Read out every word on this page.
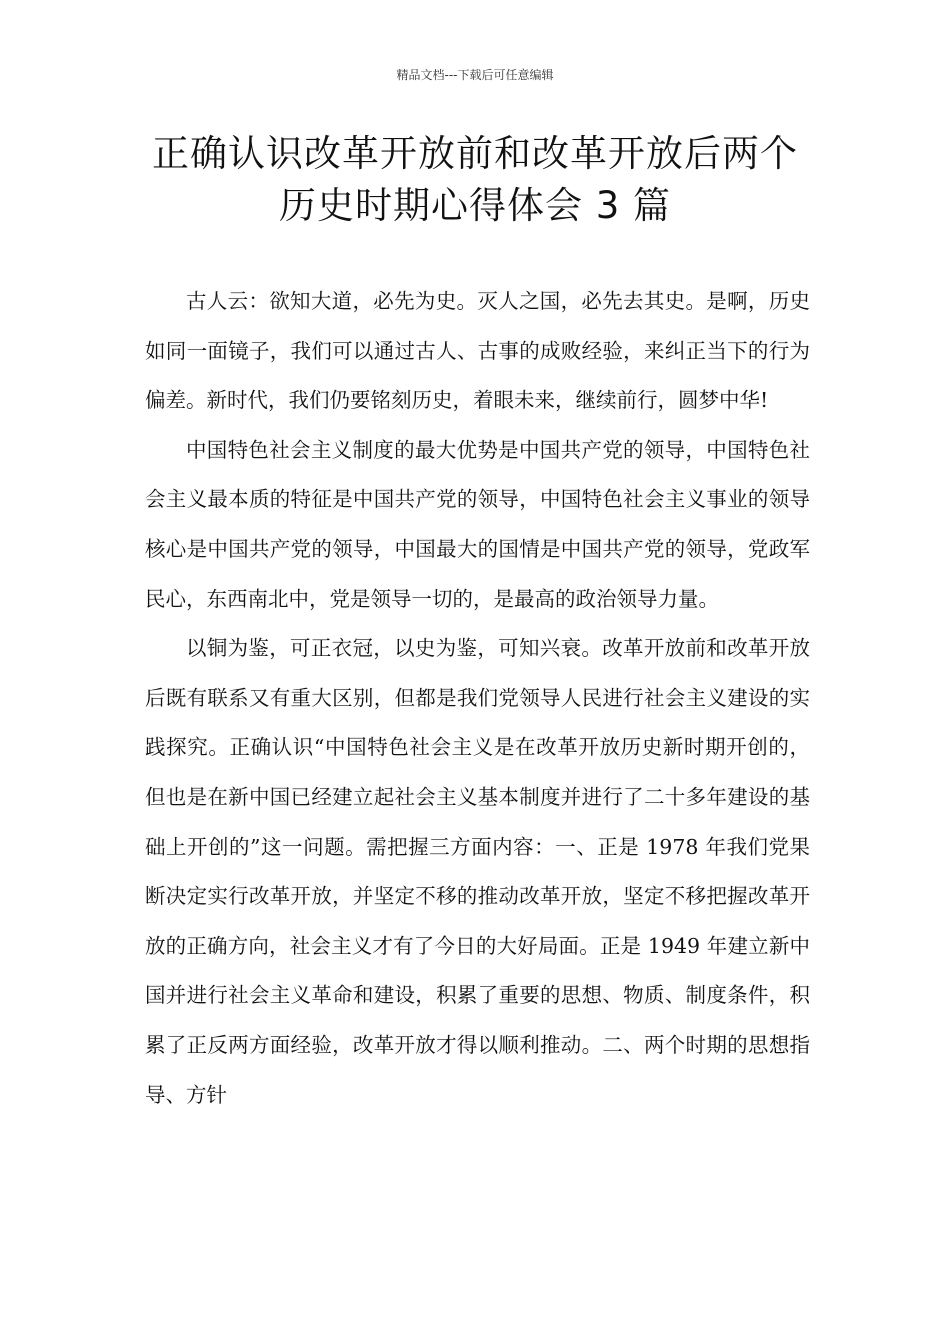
精品文档---下载后可任意编辑
正确认识改革开放前和改革开放后两个
历史时期心得体会 3 篇

古人云：欲知大道，必先为史。灭人之国，必先去其史。是啊，历史如同一面镜子，我们可以通过古人、古事的成败经验，来纠正当下的行为偏差。新时代，我们仍要铭刻历史，着眼未来，继续前行，圆梦中华!

中国特色社会主义制度的最大优势是中国共产党的领导，中国特色社会主义最本质的特征是中国共产党的领导，中国特色社会主义事业的领导核心是中国共产党的领导，中国最大的国情是中国共产党的领导，党政军民心，东西南北中，党是领导一切的，是最高的政治领导力量。

以铜为鉴，可正衣冠，以史为鉴，可知兴衰。改革开放前和改革开放后既有联系又有重大区别，但都是我们党领导人民进行社会主义建设的实践探究。正确认识“中国特色社会主义是在改革开放历史新时期开创的，但也是在新中国已经建立起社会主义基本制度并进行了二十多年建设的基础上开创的”这一问题。需把握三方面内容：一、正是 1978 年我们党果断决定实行改革开放，并坚定不移的推动改革开放，坚定不移把握改革开放的正确方向，社会主义才有了今日的大好局面。正是 1949 年建立新中国并进行社会主义革命和建设，积累了重要的思想、物质、制度条件，积累了正反两方面经验，改革开放才得以顺利推动。二、两个时期的思想指导、方针
